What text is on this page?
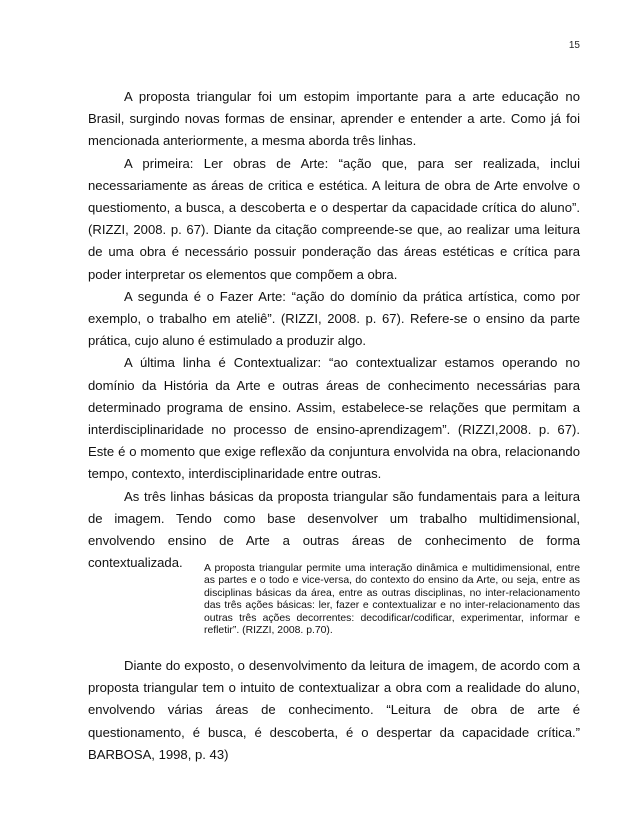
15

A proposta triangular foi um estopim importante para a arte educação no Brasil, surgindo novas formas de ensinar, aprender e entender a arte. Como já foi mencionada anteriormente, a mesma aborda três linhas.

A primeira: Ler obras de Arte: “ação que, para ser realizada, inclui necessariamente as áreas de critica e estética. A leitura de obra de Arte envolve o questiomento, a busca, a descoberta e o despertar da capacidade crítica do aluno”. (RIZZI, 2008. p. 67). Diante da citação compreende-se que, ao realizar uma leitura de uma obra é necessário possuir ponderação das áreas estéticas e crítica para poder interpretar os elementos que compõem a obra.

A segunda é o Fazer Arte: “ação do domínio da prática artística, como por exemplo, o trabalho em ateliê”. (RIZZI, 2008. p. 67). Refere-se o ensino da parte prática, cujo aluno é estimulado a produzir algo.

A última linha é Contextualizar: “ao contextualizar estamos operando no domínio da História da Arte e outras áreas de conhecimento necessárias para determinado programa de ensino. Assim, estabelece-se relações que permitam a interdisciplinaridade no processo de ensino-aprendizagem”. (RIZZI,2008. p. 67). Este é o momento que exige reflexão da conjuntura envolvida na obra, relacionando tempo, contexto, interdisciplinaridade entre outras.

As três linhas básicas da proposta triangular são fundamentais para a leitura de imagem. Tendo como base desenvolver um trabalho multidimensional, envolvendo ensino de Arte a outras áreas de conhecimento de forma contextualizada.	A proposta triangular permite uma interação dinâmica e multidimensional, entre as partes e o todo e vice-versa, do contexto do ensino da Arte, ou seja, entre as disciplinas básicas da área, entre as outras disciplinas, no inter-relacionamento das três ações básicas: ler, fazer e contextualizar e no inter-relacionamento das outras três ações decorrentes: decodificar/codificar, experimentar, informar e refletir”. (RIZZI, 2008. p.70).

Diante do exposto, o desenvolvimento da leitura de imagem, de acordo com a proposta triangular tem o intuito de contextualizar a obra com a realidade do aluno, envolvendo várias áreas de conhecimento. “Leitura de obra de arte é questionamento, é busca, é descoberta, é o despertar da capacidade crítica.” BARBOSA, 1998, p. 43)
